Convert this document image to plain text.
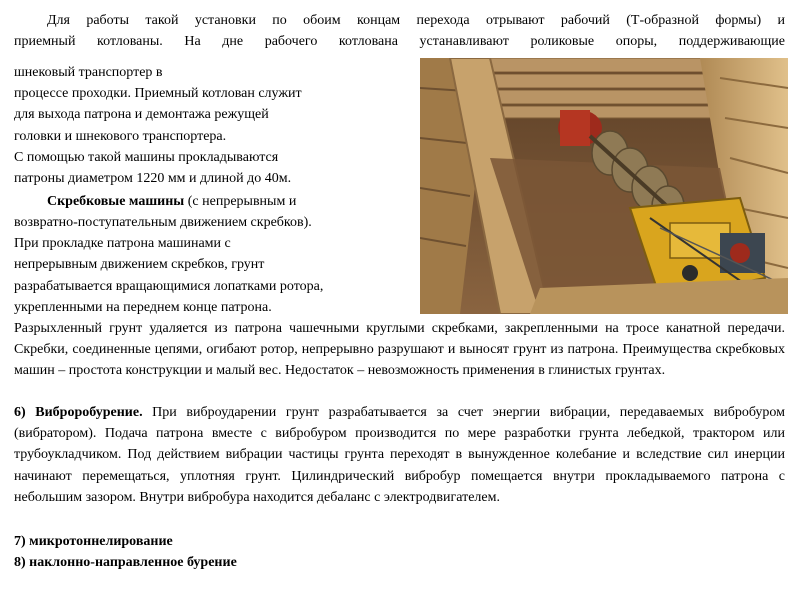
Для работы такой установки по обоим концам перехода отрывают рабочий (Т-образной формы) и

приемный котлованы. На дне рабочего котлована устанавливают роликовые опоры, поддерживающие

шнековый транспортер в

процессе проходки. Приемный котлован служит

для выхода патрона и демонтажа режущей

головки и шнекового транспортера.

С помощью такой машины прокладываются

патроны диаметром 1220 мм и длиной до 40м.

Скребковые машины (с непрерывным и

возвратно-поступательным движением скребков).

При прокладке патрона машинами с

непрерывным движением скребков, грунт

разрабатывается вращающимися лопатками ротора,

укрепленными на переднем конце патрона.

Разрыхленный грунт удаляется из патрона чашечными круглыми скребками, закрепленными на тросе канатной передачи. Скребки, соединенные цепями, огибают ротор, непрерывно разрушают и выносят грунт из патрона. Преимущества скребковых машин – простота конструкции и малый вес. Недостаток – невозможность применения в глинистых грунтах.

6) Виброробурение. При виброударении грунт разрабатывается за счет энергии вибрации, передаваемых вибробуром (вибратором). Подача патрона вместе с вибробуром производится по мере разработки грунта лебедкой, трактором или трубоукладчиком. Под действием вибрации частицы грунта переходят в вынужденное колебание и вследствие сил инерции начинают перемещаться, уплотняя грунт. Цилиндрический вибробур помещается внутри прокладываемого патрона с небольшим зазором. Внутри вибробура находится дебаланс с электродвигателем.

7) микротоннелирование

8) наклонно-направленное бурение
